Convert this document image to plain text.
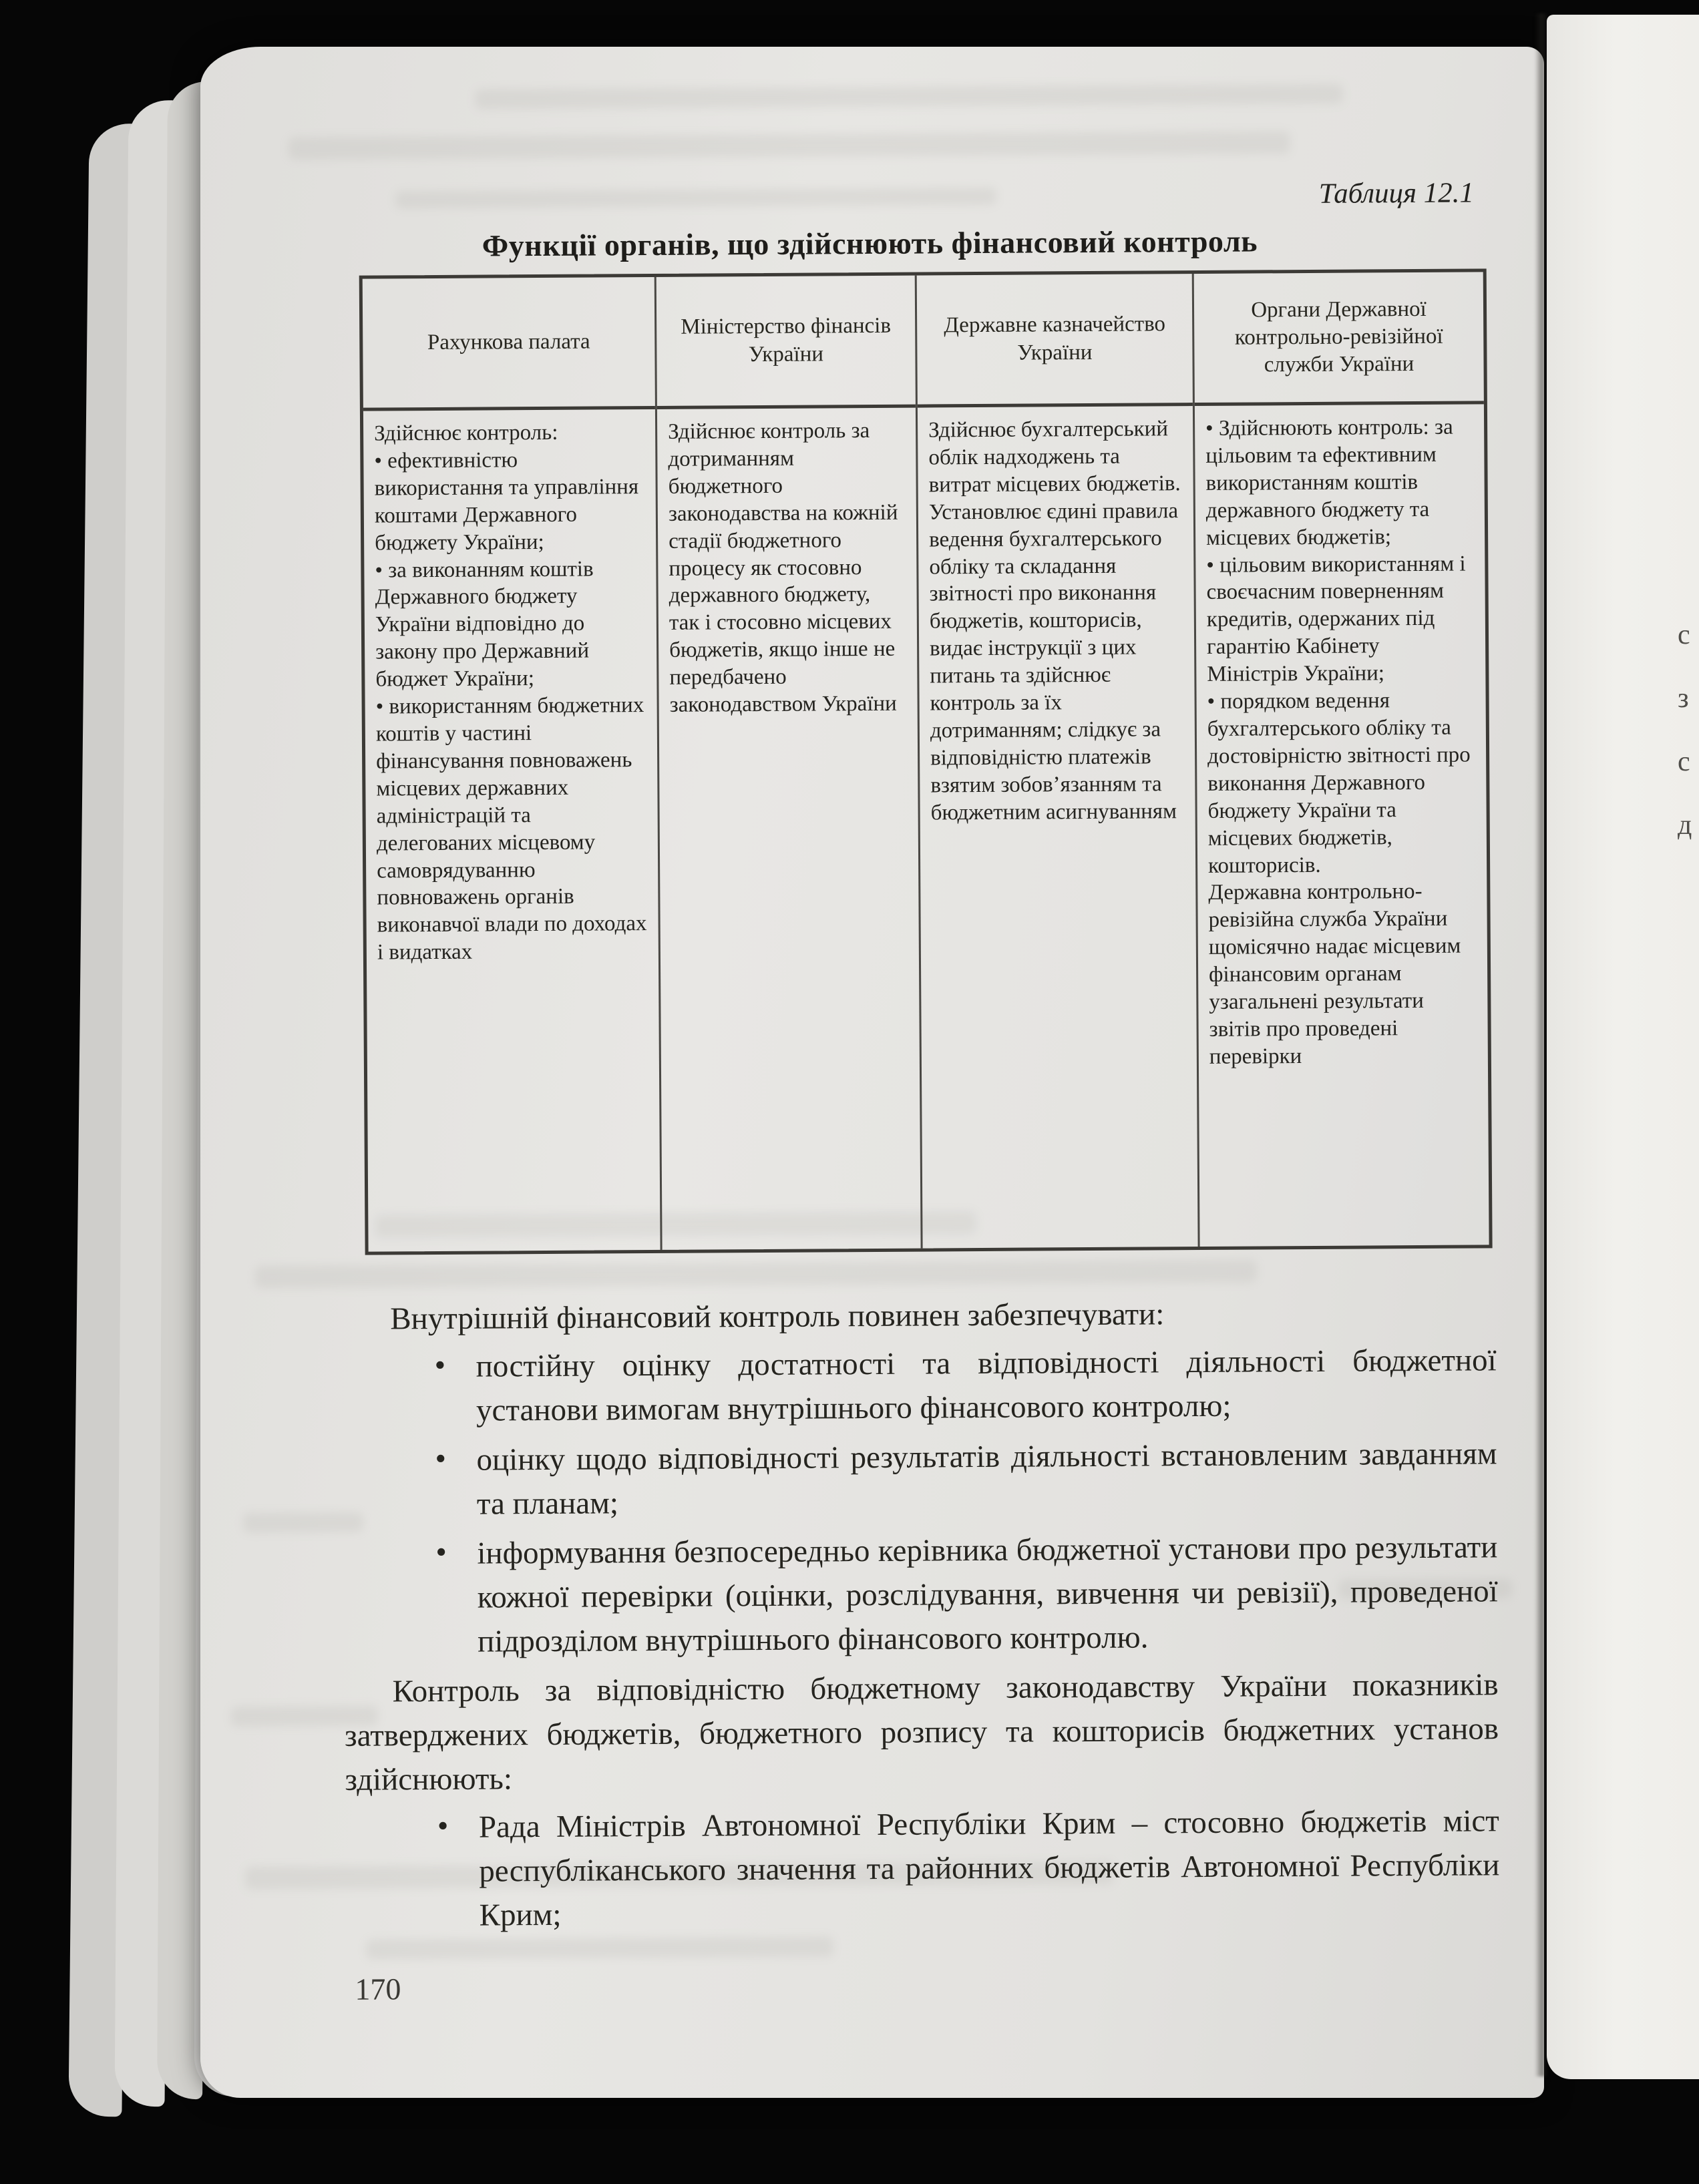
Таблиця 12.1
Функції органів, що здійснюють фінансовий контроль
Рахункова палата
Здійснює контроль:
• ефективністю використання та управління коштами Державного бюджету України;
• за виконанням коштів Державного бюджету України відповідно до закону про Державний бюджет України;
• використанням бюджетних коштів у частині фінансування повноважень місцевих державних адміністрацій та делегованих місцевому самоврядуванню повноважень органів виконавчої влади по доходах і видатках
Міністерство фінансів України
Здійснює контроль за дотриманням бюджетного законодавства на кожній стадії бюджетного процесу як стосовно державного бюджету, так і стосовно місцевих бюджетів, якщо інше не передбачено законодавством України
Державне казначейство України
Здійснює бухгалтерський облік надходжень та витрат місцевих бюджетів.
Установлює єдині правила ведення бухгалтерського обліку та складання звітності про виконання бюджетів, кошторисів, видає інструкції з цих питань та здійснює контроль за їх дотриманням; слідкує за відповідністю платежів взятим зобов’язанням та бюджетним асигнуванням
Органи Державної контрольно-ревізійної служби України
• Здійснюють контроль: за цільовим та ефективним використанням коштів державного бюджету та місцевих бюджетів;
• цільовим використанням і своєчасним поверненням кредитів, одержаних під гарантію Кабінету Міністрів України;
• порядком ведення бухгалтерського обліку та достовірністю звітності про виконання Державного бюджету України та місцевих бюджетів, кошторисів.
Державна контрольно-ревізійна служба України щомісячно надає місцевим фінансовим органам узагальнені результати звітів про проведені перевірки

Внутрішній фінансовий контроль повинен забезпечувати:

• постійну оцінку достатності та відповідності діяльності бюджетної установи вимогам внутрішнього фінансового контролю;
• оцінку щодо відповідності результатів діяльності встановленим завданням та планам;
• інформування безпосередньо керівника бюджетної установи про результати кожної перевірки (оцінки, розслідування, вивчення чи ревізії), проведеної підрозділом внутрішнього фінансового контролю.

Контроль за відповідністю бюджетному законодавству України показників затверджених бюджетів, бюджетного розпису та кошторисів бюджетних установ здійснюють:

• Рада Міністрів Автономної Республіки Крим – стосовно бюджетів міст республіканського значення та районних бюджетів Автономної Республіки Крим;
170
с
з
с
д
